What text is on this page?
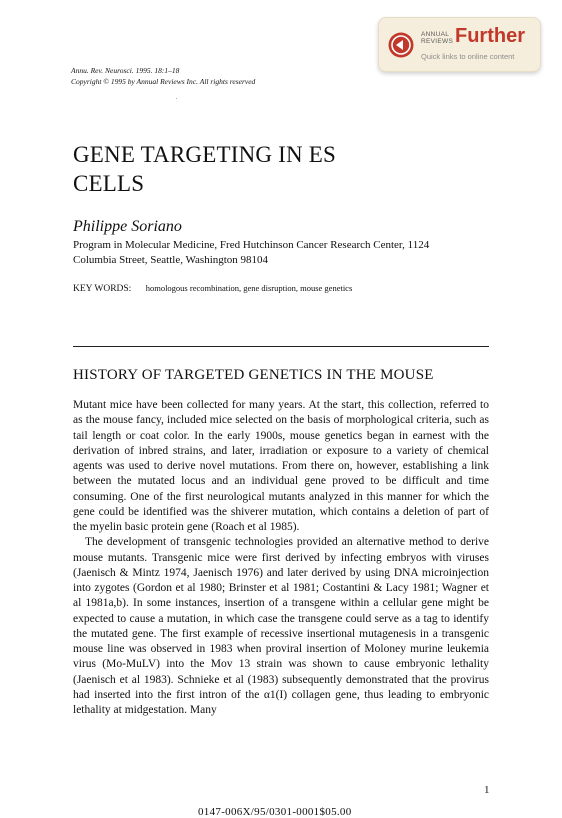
ANNUAL
REVIEWS Further
Quick links to online content
Annu. Rev. Neurosci. 1995. 18:1–18
Copyright © 1995 by Annual Reviews Inc. All rights reserved
GENE TARGETING IN ES
CELLS
Philippe Soriano
Program in Molecular Medicine, Fred Hutchinson Cancer Research Center, 1124
Columbia Street, Seattle, Washington 98104
KEY WORDS: homologous recombination, gene disruption, mouse genetics
HISTORY OF TARGETED GENETICS IN THE MOUSE

Mutant mice have been collected for many years. At the start, this collection, referred to as the mouse fancy, included mice selected on the basis of morphological criteria, such as tail length or coat color. In the early 1900s, mouse genetics began in earnest with the derivation of inbred strains, and later, irradiation or exposure to a variety of chemical agents was used to derive novel mutations. From there on, however, establishing a link between the mutated locus and an individual gene proved to be difficult and time consuming. One of the first neurological mutants analyzed in this manner for which the gene could be identified was the shiverer mutation, which contains a deletion of part of the myelin basic protein gene (Roach et al 1985).

The development of transgenic technologies provided an alternative method to derive mouse mutants. Transgenic mice were first derived by infecting embryos with viruses (Jaenisch & Mintz 1974, Jaenisch 1976) and later derived by using DNA microinjection into zygotes (Gordon et al 1980; Brinster et al 1981; Costantini & Lacy 1981; Wagner et al 1981a,b). In some instances, insertion of a transgene within a cellular gene might be expected to cause a mutation, in which case the transgene could serve as a tag to identify the mutated gene. The first example of recessive insertional mutagenesis in a transgenic mouse line was observed in 1983 when proviral insertion of Moloney murine leukemia virus (Mo-MuLV) into the Mov 13 strain was shown to cause embryonic lethality (Jaenisch et al 1983). Schnieke et al (1983) subsequently demonstrated that the provirus had inserted into the first intron of the α1(I) collagen gene, thus leading to embryonic lethality at midgestation. Many

1
0147-006X/95/0301-0001$05.00
